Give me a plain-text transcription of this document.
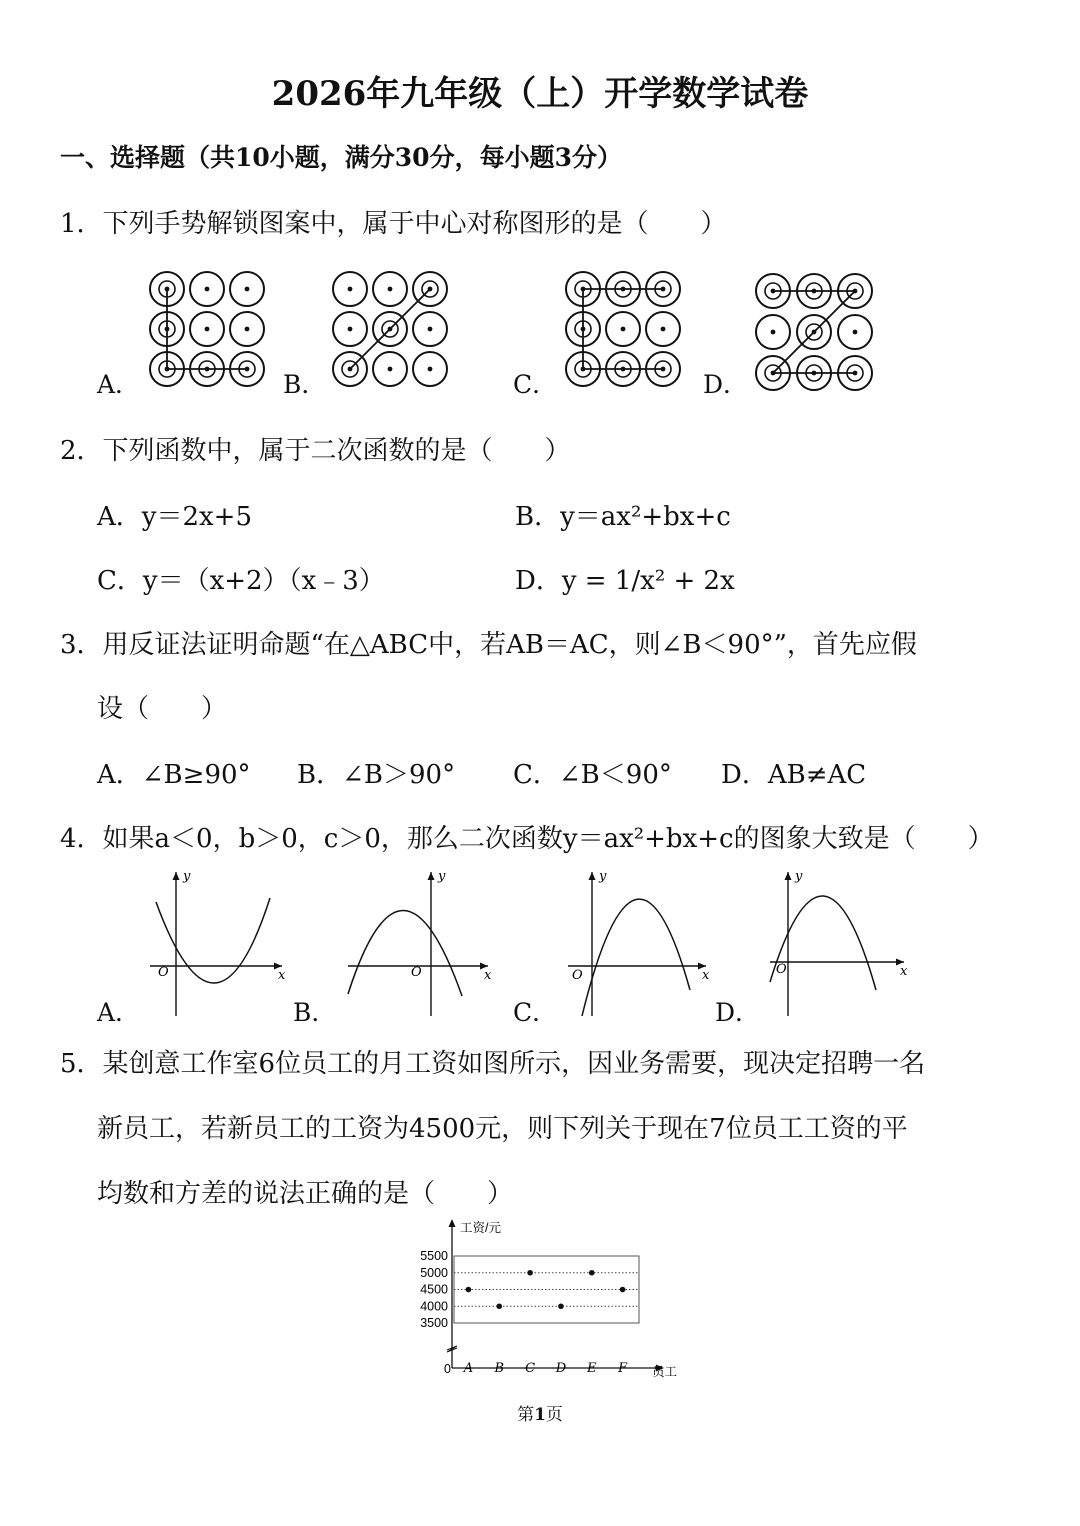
2026年九年级（上）开学数学试卷
一、选择题（共10小题，满分30分，每小题3分）
1．下列手势解锁图案中，属于中心对称图形的是（　　）
A．	B．	C．	D．
2．下列函数中，属于二次函数的是（　　）
A．y＝2x+5	B．y＝ax²+bx+c
C．y＝（x+2）（x﹣3）	D．y = 1/x² + 2x
3．用反证法证明命题“在△ABC中，若AB＝AC，则∠B＜90°”，首先应假
设（　　）
A．∠B≥90° B．∠B＞90° C．∠B＜90° D．AB≠AC
4．如果a＜0，b＞0，c＞0，那么二次函数y＝ax²+bx+c的图象大致是（　　）
x
y
O	x
y
O	x
y
O	x
y
O
A．	B．	C．	D．
5．某创意工作室6位员工的月工资如图所示，因业务需要，现决定招聘一名
新员工，若新员工的工资为4500元，则下列关于现在7位员工工资的平
均数和方差的说法正确的是（　　）
工资/元
员工
0
3500
4000
4500
5000
5500
A B C D E F
第1页
